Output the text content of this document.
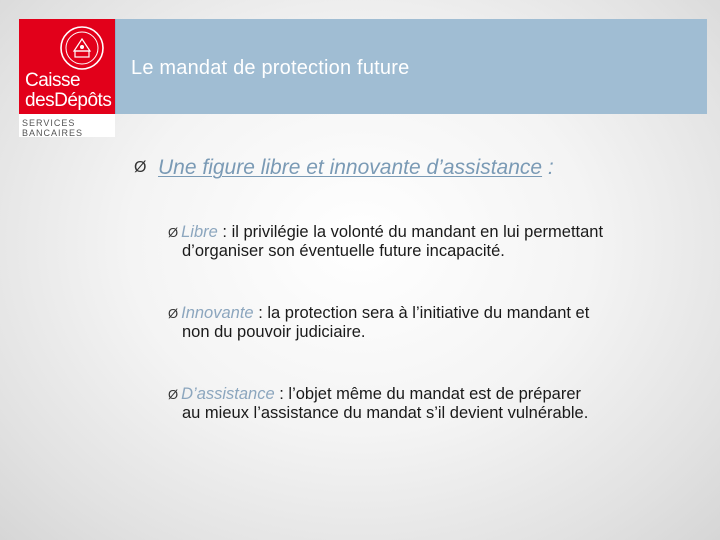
Caisse
desDépôts
SERVICES
BANCAIRES
Le mandat de protection future
Ø Une figure libre et innovante d’assistance :
Ø Libre : il privilégie la volonté du mandant en lui permettant
d’organiser son éventuelle future incapacité.
Ø Innovante : la protection sera à l’initiative du mandant et
non du pouvoir judiciaire.
Ø D’assistance : l’objet même du mandat est de préparer
au mieux l’assistance du mandat s’il devient vulnérable.
